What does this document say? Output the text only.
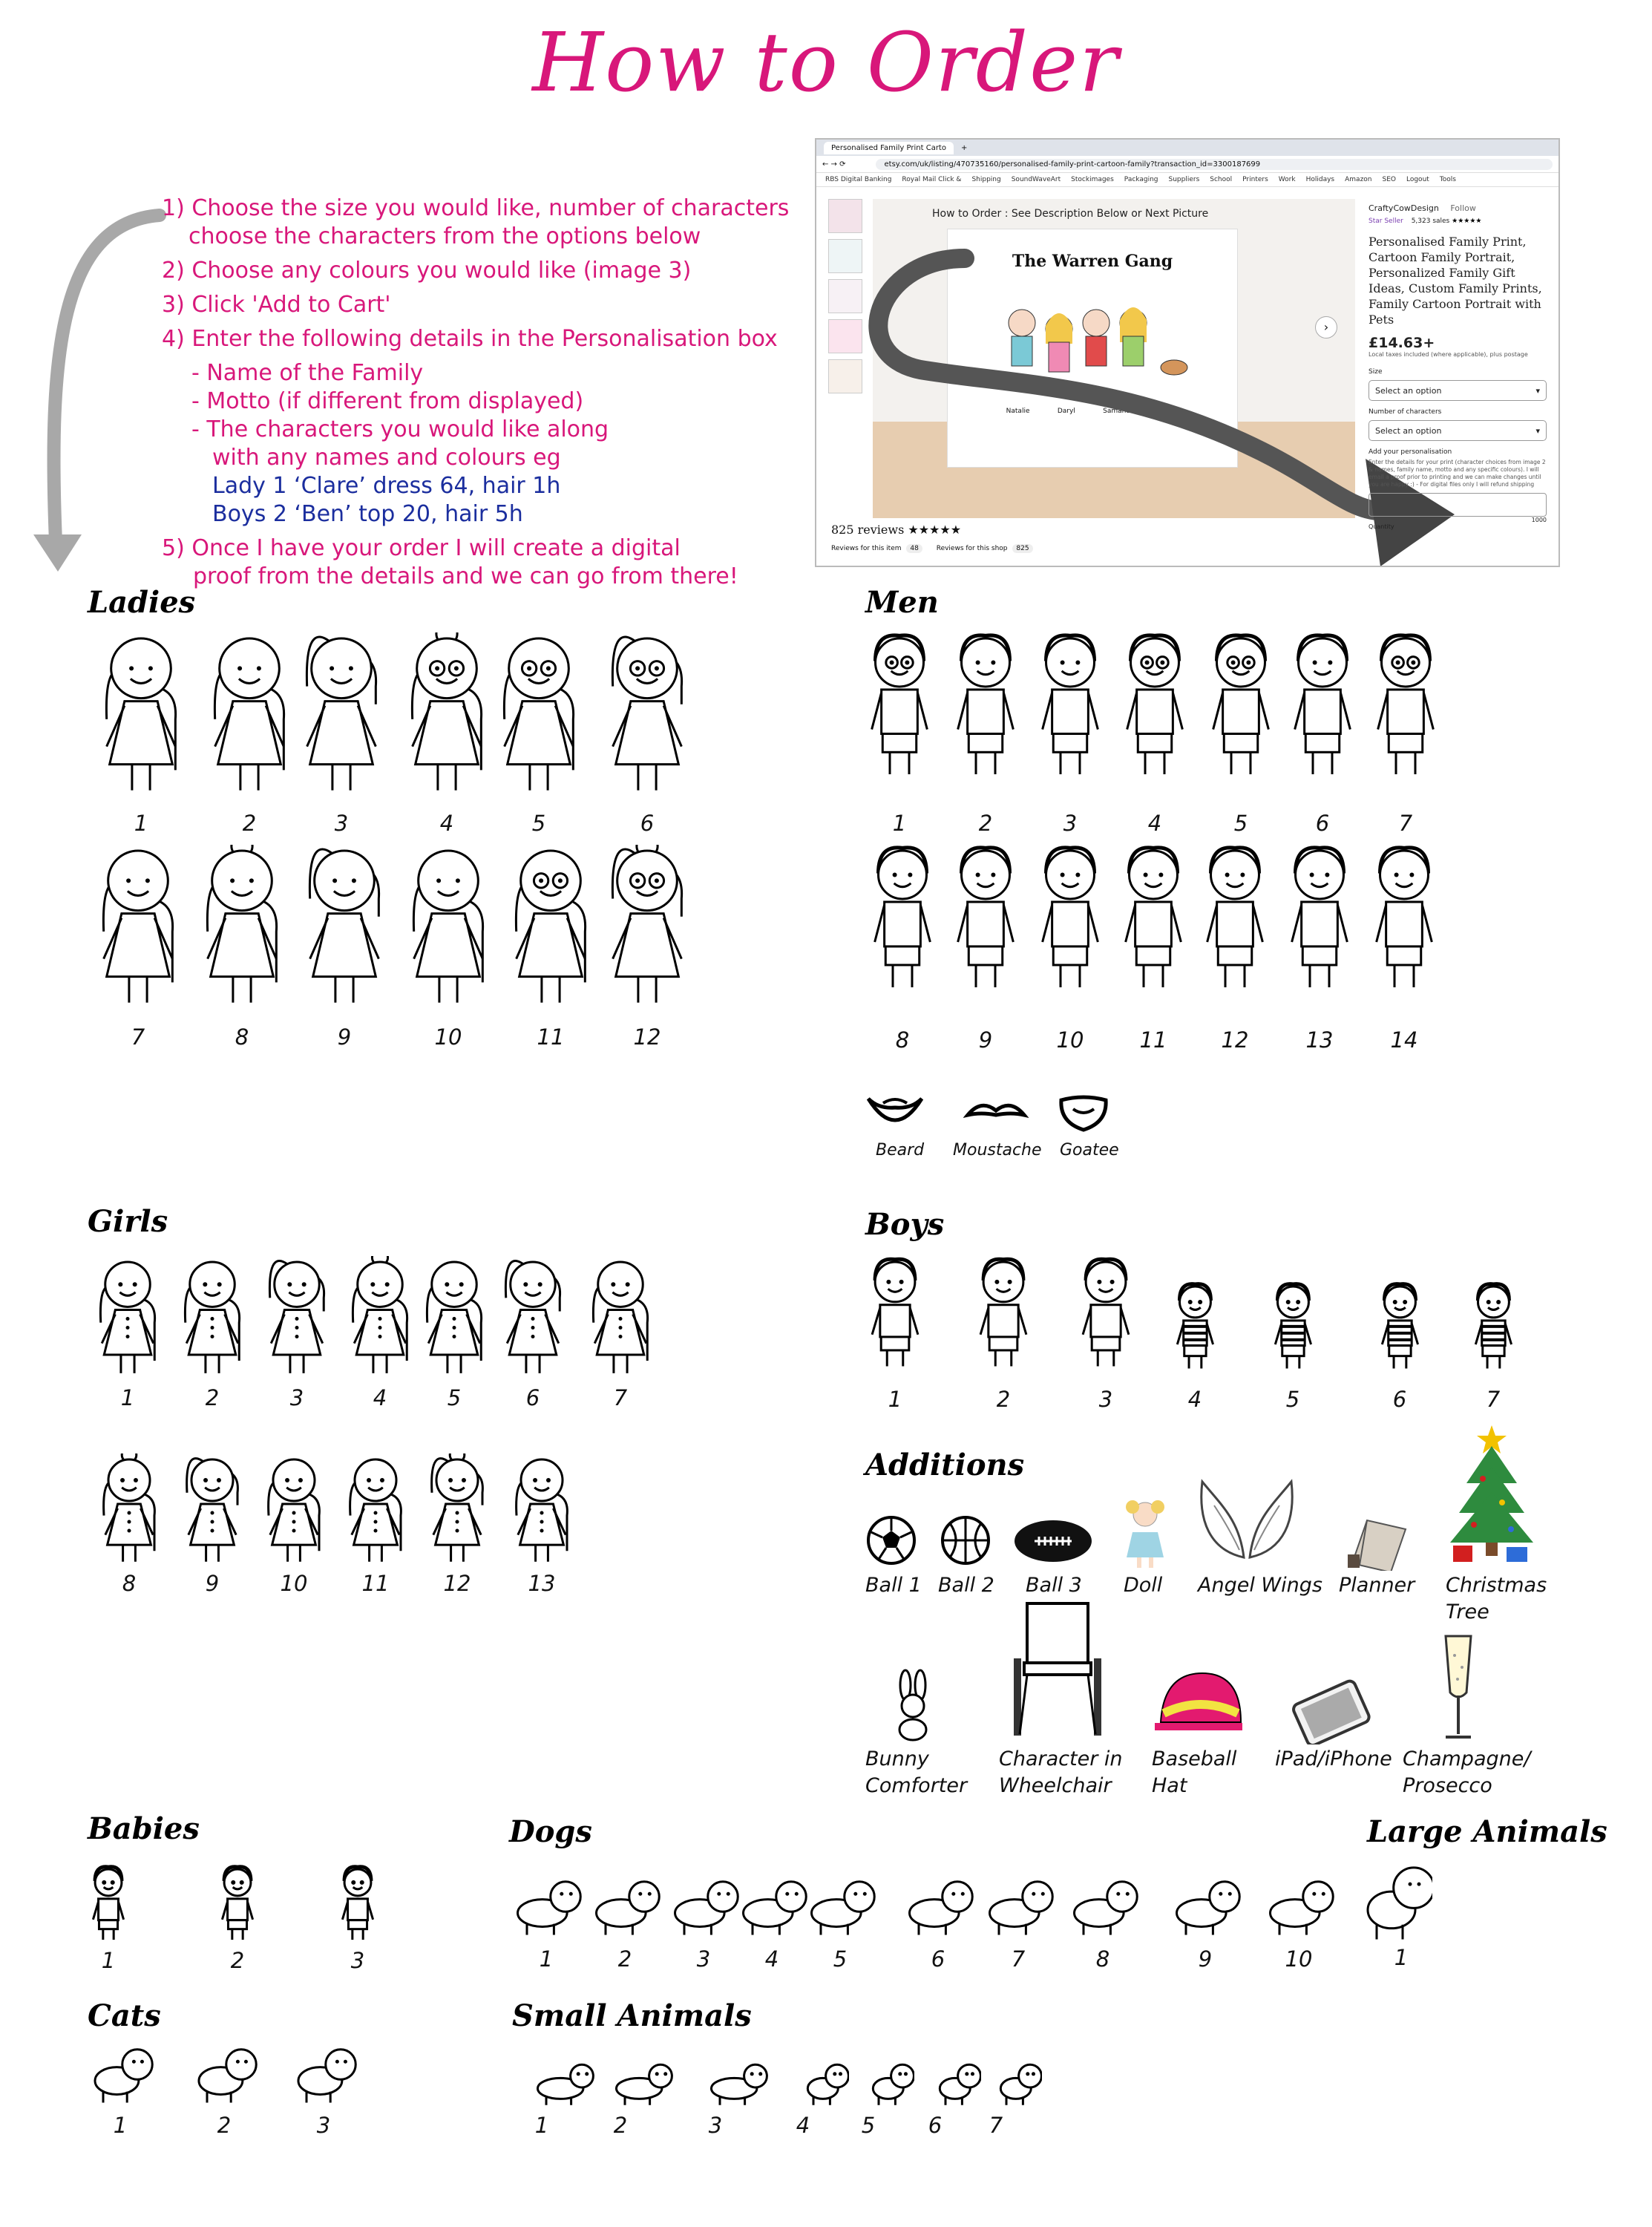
How to Order
1) Choose the size you would like, number of characters
choose the characters from the options below
2) Choose any colours you would like (image 3)
3) Click 'Add to Cart'
4) Enter the following details in the Personalisation box
- Name of the Family
- Motto (if different from displayed)
- The characters you would like along
with any names and colours eg
Lady 1 ‘Clare’ dress 64, hair 1h
Boys 2 ‘Ben’ top 20, hair 5h
5) Once I have your order I will create a digital
proof from the details and we can go from there!
Personalised Family Print Carto	+
← → ⟳	etsy.com/uk/listing/470735160/personalised-family-print-cartoon-family?transaction_id=3300187699
RBS Digital Banking Royal Mail Click & Shipping SoundWaveArt Stockimages Packaging Suppliers School Printers Work Holidays Amazon SEO Logout Tools
How to Order : See Description Below or Next Picture
The Warren Gang
Natalie	Daryl	Samantha	Pets
›
CraftyCowDesign Follow
Star Seller 5,323 sales ★★★★★
Personalised Family Print, Cartoon Family Portrait, Personalized Family Gift Ideas, Custom Family Prints, Family Cartoon Portrait with Pets
£14.63+
Local taxes included (where applicable), plus postage
Size
Select an option	▾
Number of characters
Select an option	▾
Add your personalisation
Enter the details for your print (character choices from image 2 & names, family name, motto and any specific colours). I will email a proof prior to printing and we can make changes until you are happy :) - For digital files only I will refund shipping
1000
Quantity
825 reviews ★★★★★
Reviews for this item 48	Reviews for this shop 825
Ladies	Men
Girls	Boys
Additions
Babies	Dogs	Large Animals
Cats	Small Animals
1	2	3	4	5	6
7	8	9	10	11	12
1	2	3	4	5	6	7
8	9	10	11	12	13	14
1	2	3	4	5	6	7
8	9	10	11	12	13
1	2	3	4	5	6	7
1	2	3	1	2	3	4	5	6	7	8	9	10	1
1	2	3	1	2	3	4	5	6	7
Beard Moustache Goatee
Ball 1 Ball 2 Ball 3 Doll Angel Wings Planner Christmas Tree
Bunny Comforter
Character in Wheelchair
Baseball Hat
iPad/iPhone Champagne/ Prosecco
